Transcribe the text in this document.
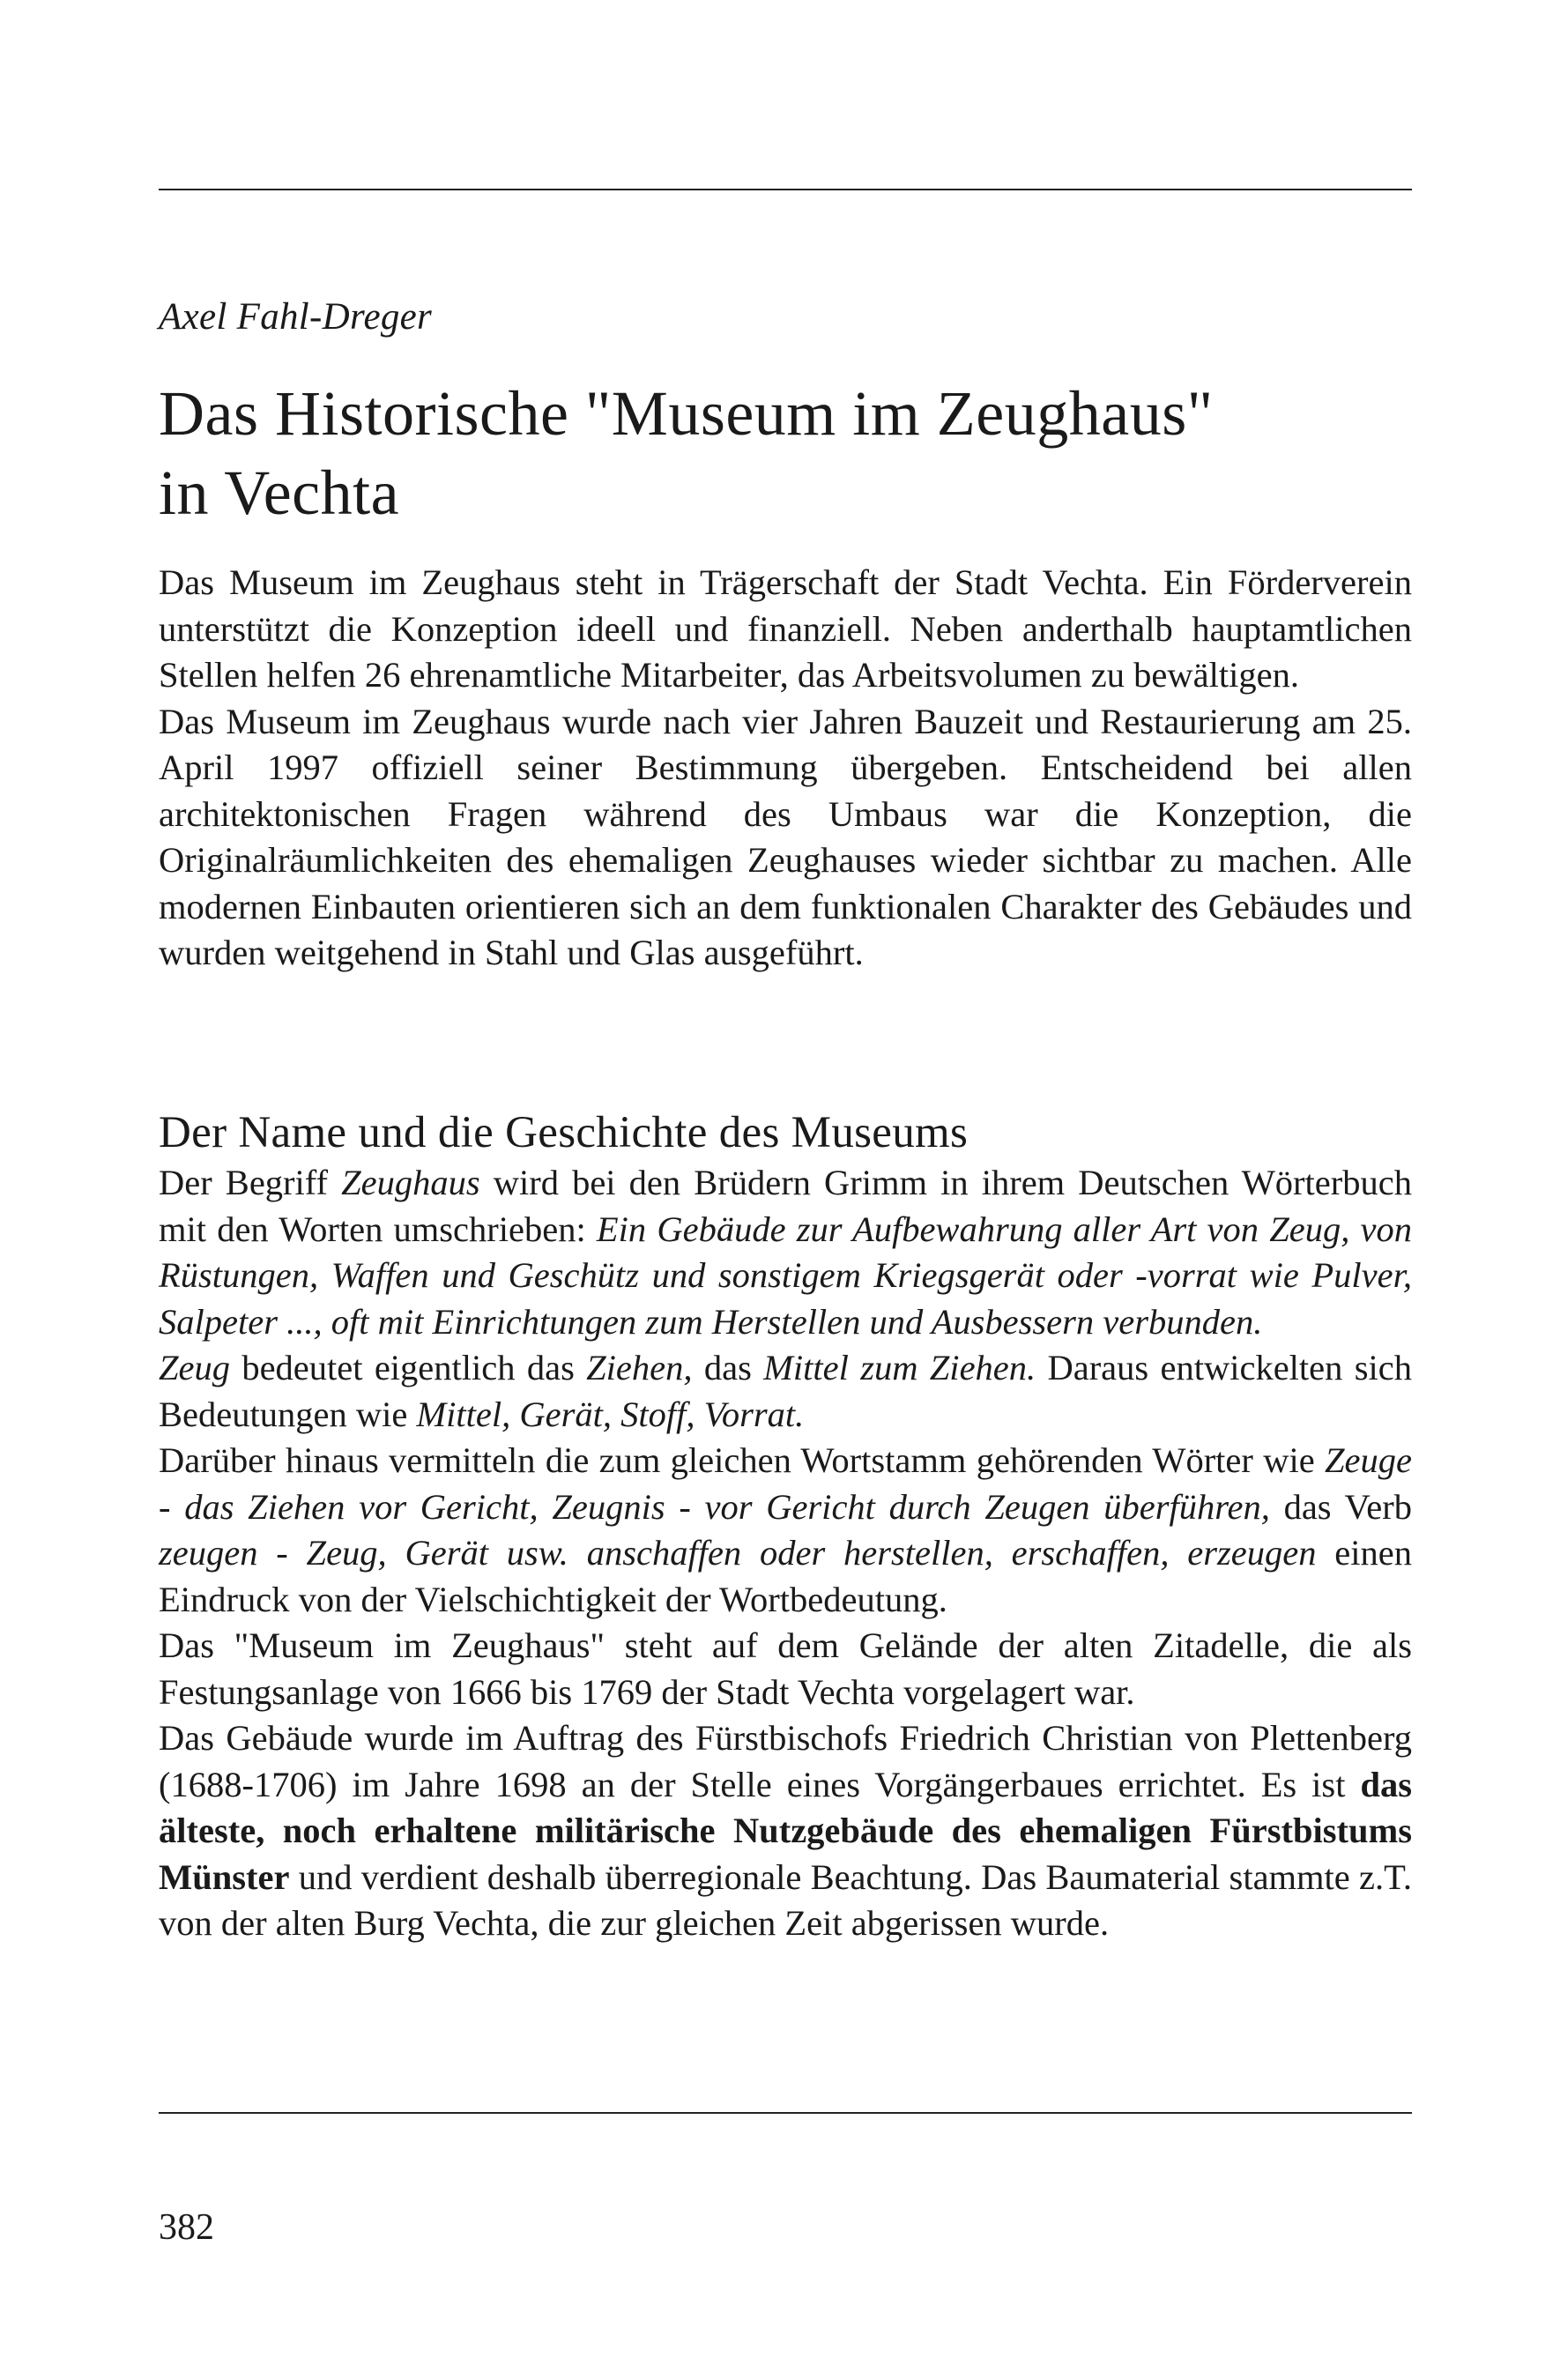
Axel Fahl-Dreger
Das Historische "Museum im Zeughaus"
in Vechta

Das Museum im Zeughaus steht in Trägerschaft der Stadt Vechta. Ein Förderverein unterstützt die Konzeption ideell und finanziell. Neben anderthalb hauptamtlichen Stellen helfen 26 ehrenamtliche Mitarbeiter, das Arbeitsvolumen zu bewältigen.

Das Museum im Zeughaus wurde nach vier Jahren Bauzeit und Restaurierung am 25. April 1997 offiziell seiner Bestimmung übergeben. Entscheidend bei allen architektonischen Fragen während des Umbaus war die Konzeption, die Originalräumlichkeiten des ehemaligen Zeughauses wieder sichtbar zu machen. Alle modernen Einbauten orientieren sich an dem funktionalen Charakter des Gebäudes und wurden weitgehend in Stahl und Glas ausgeführt.

Der Name und die Geschichte des Museums

Der Begriff Zeughaus wird bei den Brüdern Grimm in ihrem Deutschen Wörterbuch mit den Worten umschrieben: Ein Gebäude zur Aufbewahrung aller Art von Zeug, von Rüstungen, Waffen und Geschütz und sonstigem Kriegsgerät oder -vorrat wie Pulver, Salpeter ..., oft mit Einrichtungen zum Herstellen und Ausbessern verbunden.

Zeug bedeutet eigentlich das Ziehen, das Mittel zum Ziehen. Daraus entwickelten sich Bedeutungen wie Mittel, Gerät, Stoff, Vorrat.

Darüber hinaus vermitteln die zum gleichen Wortstamm gehörenden Wörter wie Zeuge - das Ziehen vor Gericht, Zeugnis - vor Gericht durch Zeugen überführen, das Verb zeugen - Zeug, Gerät usw. anschaffen oder herstellen, erschaffen, erzeugen einen Eindruck von der Vielschichtigkeit der Wortbedeutung.

Das "Museum im Zeughaus" steht auf dem Gelände der alten Zitadelle, die als Festungsanlage von 1666 bis 1769 der Stadt Vechta vorgelagert war.

Das Gebäude wurde im Auftrag des Fürstbischofs Friedrich Christian von Plettenberg (1688-1706) im Jahre 1698 an der Stelle eines Vorgängerbaues errichtet. Es ist das älteste, noch erhaltene militärische Nutzgebäude des ehemaligen Fürstbistums Münster und verdient deshalb überregionale Beachtung. Das Baumaterial stammte z.T. von der alten Burg Vechta, die zur gleichen Zeit abgerissen wurde.

382
